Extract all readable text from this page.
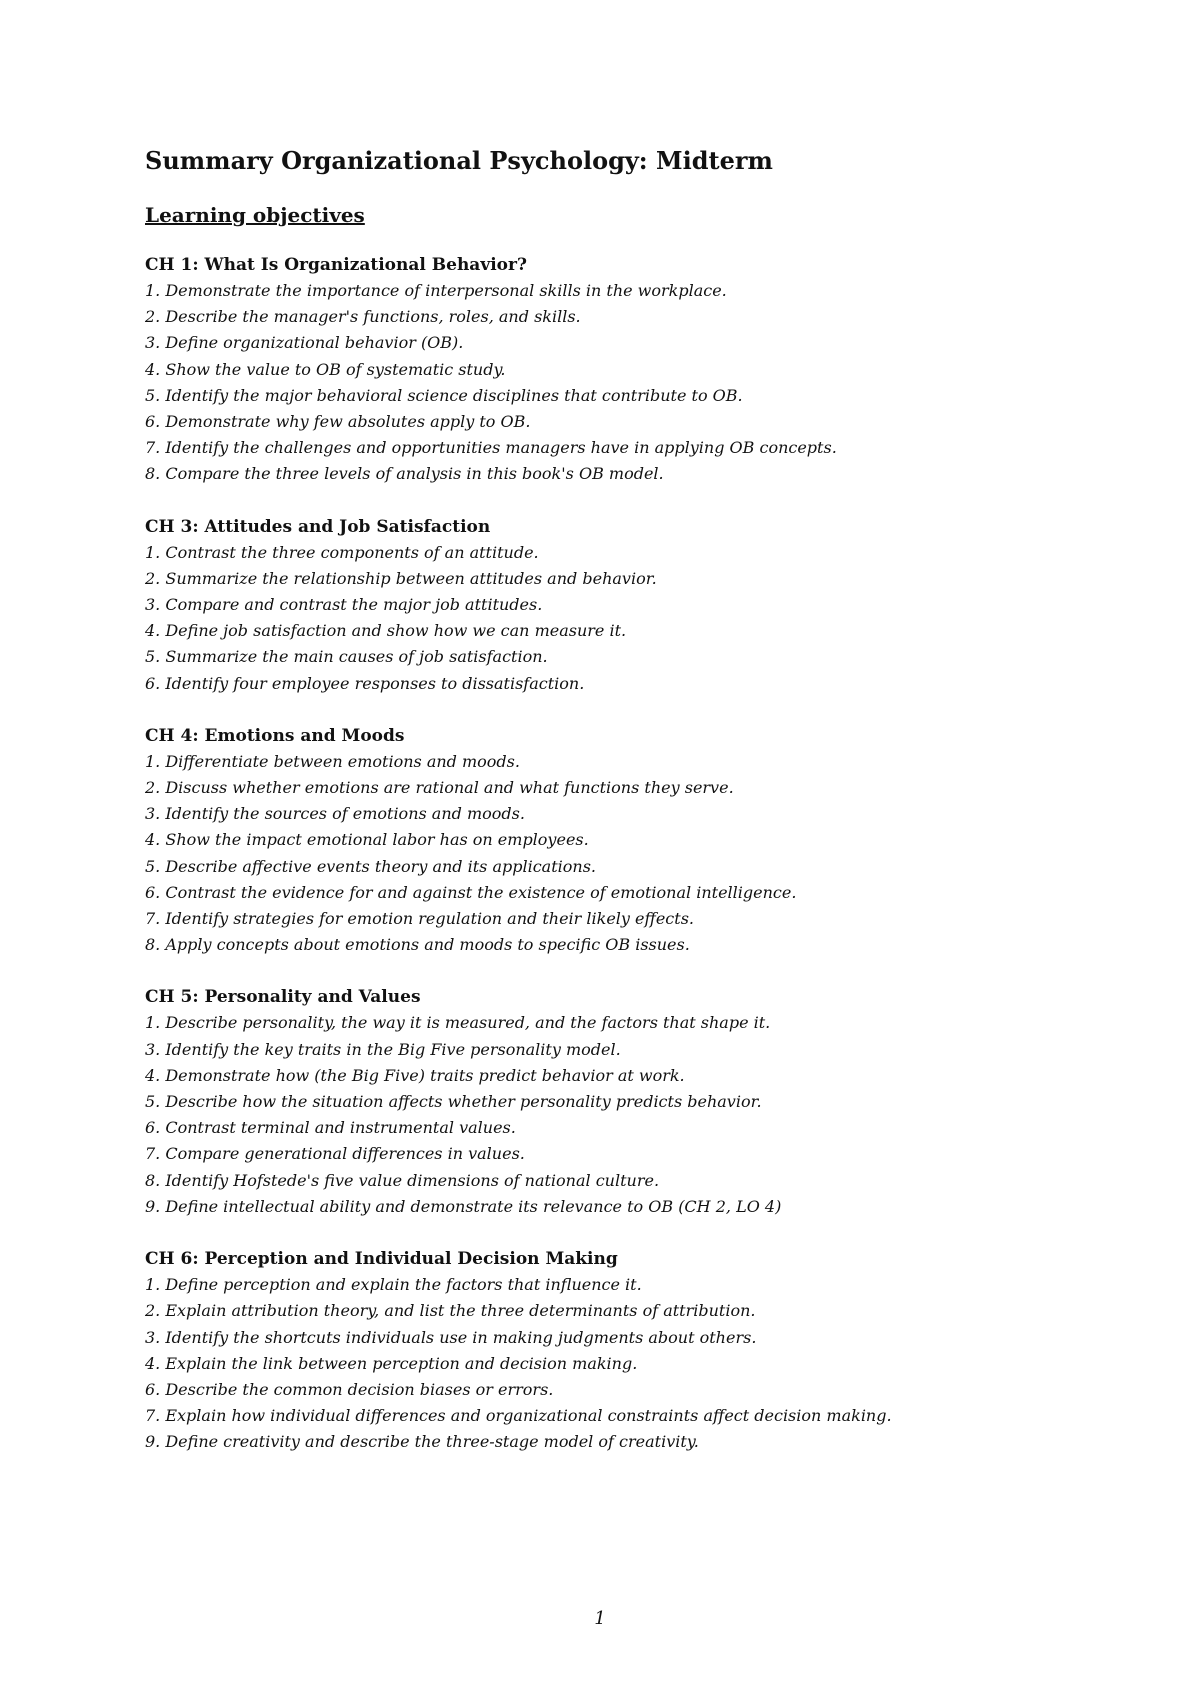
Summary Organizational Psychology: Midterm
Learning objectives
CH 1: What Is Organizational Behavior?
1. Demonstrate the importance of interpersonal skills in the workplace.
2. Describe the manager's functions, roles, and skills.
3. Define organizational behavior (OB).
4. Show the value to OB of systematic study.
5. Identify the major behavioral science disciplines that contribute to OB.
6. Demonstrate why few absolutes apply to OB.
7. Identify the challenges and opportunities managers have in applying OB concepts.
8. Compare the three levels of analysis in this book's OB model.
CH 3: Attitudes and Job Satisfaction
1. Contrast the three components of an attitude.
2. Summarize the relationship between attitudes and behavior.
3. Compare and contrast the major job attitudes.
4. Define job satisfaction and show how we can measure it.
5. Summarize the main causes of job satisfaction.
6. Identify four employee responses to dissatisfaction.
CH 4: Emotions and Moods
1. Differentiate between emotions and moods.
2. Discuss whether emotions are rational and what functions they serve.
3. Identify the sources of emotions and moods.
4. Show the impact emotional labor has on employees.
5. Describe affective events theory and its applications.
6. Contrast the evidence for and against the existence of emotional intelligence.
7. Identify strategies for emotion regulation and their likely effects.
8. Apply concepts about emotions and moods to specific OB issues.
CH 5: Personality and Values
1. Describe personality, the way it is measured, and the factors that shape it.
3. Identify the key traits in the Big Five personality model.
4. Demonstrate how (the Big Five) traits predict behavior at work.
5. Describe how the situation affects whether personality predicts behavior.
6. Contrast terminal and instrumental values.
7. Compare generational differences in values.
8. Identify Hofstede's five value dimensions of national culture.
9. Define intellectual ability and demonstrate its relevance to OB (CH 2, LO 4)
CH 6: Perception and Individual Decision Making
1. Define perception and explain the factors that influence it.
2. Explain attribution theory, and list the three determinants of attribution.
3. Identify the shortcuts individuals use in making judgments about others.
4. Explain the link between perception and decision making.
6. Describe the common decision biases or errors.
7. Explain how individual differences and organizational constraints affect decision making.
9. Define creativity and describe the three-stage model of creativity.
1
